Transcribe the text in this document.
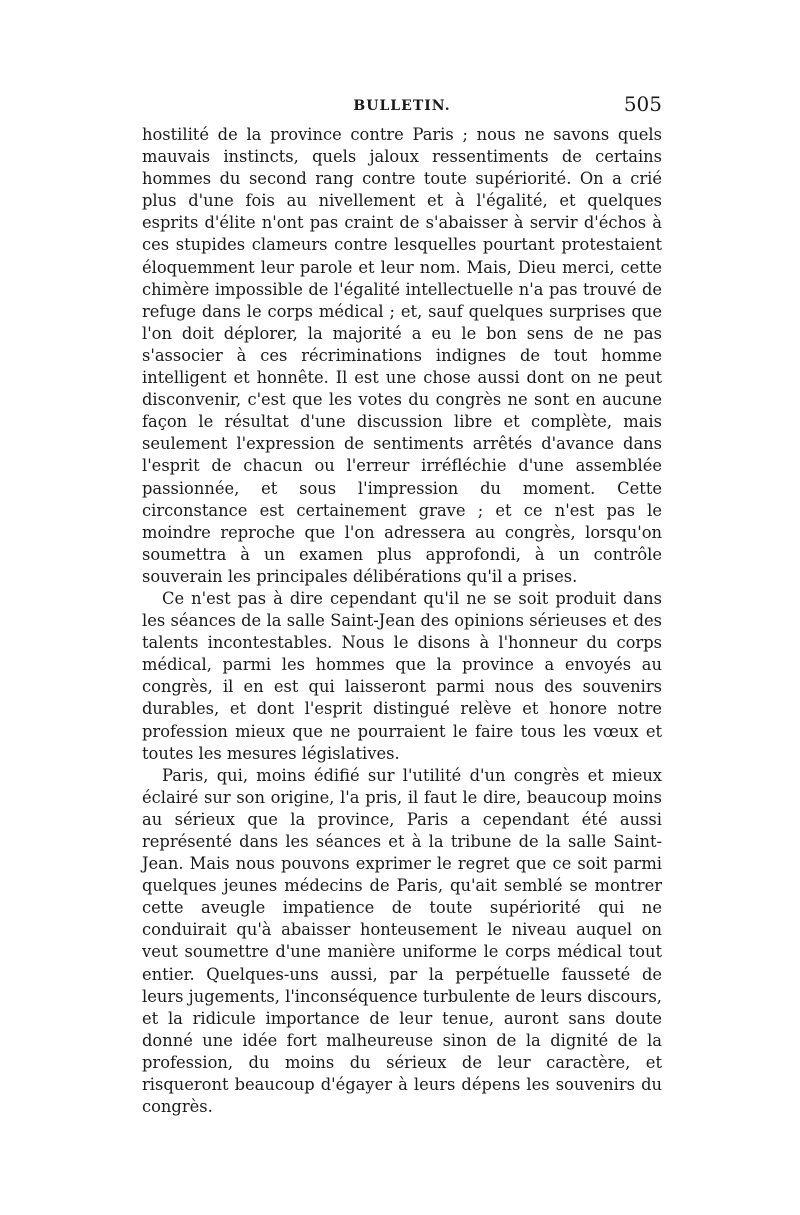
BULLETIN.	505

hostilité de la province contre Paris ; nous ne savons quels mauvais instincts, quels jaloux ressentiments de certains hommes du second rang contre toute supériorité. On a crié plus d'une fois au nivellement et à l'égalité, et quelques esprits d'élite n'ont pas craint de s'abaisser à servir d'échos à ces stupides clameurs contre lesquelles pourtant protestaient éloquemment leur parole et leur nom. Mais, Dieu merci, cette chimère impossible de l'égalité intellectuelle n'a pas trouvé de refuge dans le corps médical ; et, sauf quelques surprises que l'on doit déplorer, la majorité a eu le bon sens de ne pas s'associer à ces récriminations indignes de tout homme intelligent et honnête. Il est une chose aussi dont on ne peut disconvenir, c'est que les votes du congrès ne sont en aucune façon le résultat d'une discussion libre et complète, mais seulement l'expression de sentiments arrêtés d'avance dans l'esprit de chacun ou l'erreur irréfléchie d'une assemblée passionnée, et sous l'impression du moment. Cette circonstance est certainement grave ; et ce n'est pas le moindre reproche que l'on adressera au congrès, lorsqu'on soumettra à un examen plus approfondi, à un contrôle souverain les principales délibérations qu'il a prises.

Ce n'est pas à dire cependant qu'il ne se soit produit dans les séances de la salle Saint-Jean des opinions sérieuses et des talents incontestables. Nous le disons à l'honneur du corps médical, parmi les hommes que la province a envoyés au congrès, il en est qui laisseront parmi nous des souvenirs durables, et dont l'esprit distingué relève et honore notre profession mieux que ne pourraient le faire tous les vœux et toutes les mesures législatives.

Paris, qui, moins édifié sur l'utilité d'un congrès et mieux éclairé sur son origine, l'a pris, il faut le dire, beaucoup moins au sérieux que la province, Paris a cependant été aussi représenté dans les séances et à la tribune de la salle Saint-Jean. Mais nous pouvons exprimer le regret que ce soit parmi quelques jeunes médecins de Paris, qu'ait semblé se montrer cette aveugle impatience de toute supériorité qui ne conduirait qu'à abaisser honteusement le niveau auquel on veut soumettre d'une manière uniforme le corps médical tout entier. Quelques-uns aussi, par la perpétuelle fausseté de leurs jugements, l'inconséquence turbulente de leurs discours, et la ridicule importance de leur tenue, auront sans doute donné une idée fort malheureuse sinon de la dignité de la profession, du moins du sérieux de leur caractère, et risqueront beaucoup d'égayer à leurs dépens les souvenirs du congrès.
